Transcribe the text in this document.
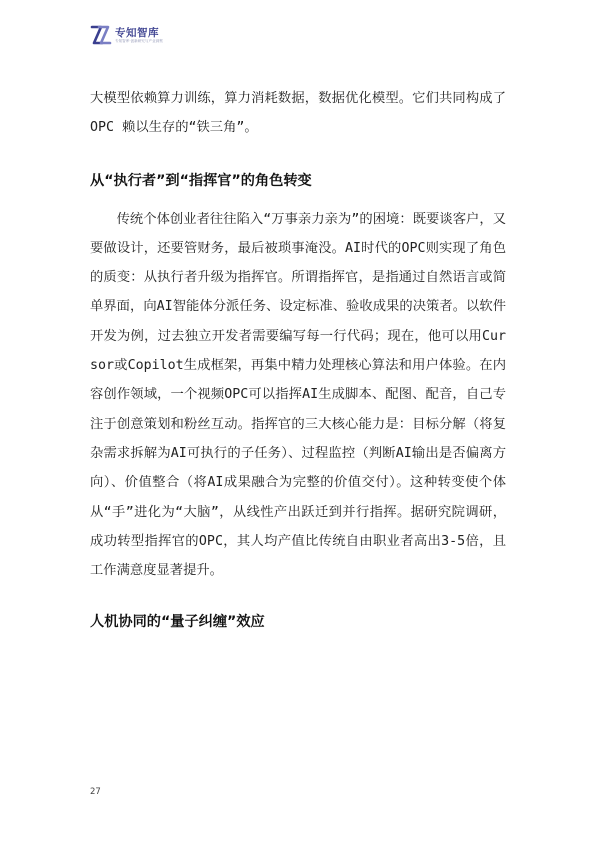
专知智库
专知智库·创新研究与产业洞察

大模型依赖算力训练，算力消耗数据，数据优化模型。它们共同构成了 OPC 赖以生存的“铁三角”。

从“执行者”到“指挥官”的角色转变

传统个体创业者往往陷入“万事亲力亲为”的困境：既要谈客户，又要做设计，还要管财务，最后被琐事淹没。AI时代的OPC则实现了角色的质变：从执行者升级为指挥官。所谓指挥官，是指通过自然语言或简单界面，向AI智能体分派任务、设定标准、验收成果的决策者。以软件开发为例，过去独立开发者需要编写每一行代码；现在，他可以用Cursor或Copilot生成框架，再集中精力处理核心算法和用户体验。在内容创作领域，一个视频OPC可以指挥AI生成脚本、配图、配音，自己专注于创意策划和粉丝互动。指挥官的三大核心能力是：目标分解（将复杂需求拆解为AI可执行的子任务）、过程监控（判断AI输出是否偏离方向）、价值整合（将AI成果融合为完整的价值交付）。这种转变使个体从“手”进化为“大脑”，从线性产出跃迁到并行指挥。据研究院调研，成功转型指挥官的OPC，其人均产值比传统自由职业者高出3-5倍，且工作满意度显著提升。

人机协同的“量子纠缠”效应
27
